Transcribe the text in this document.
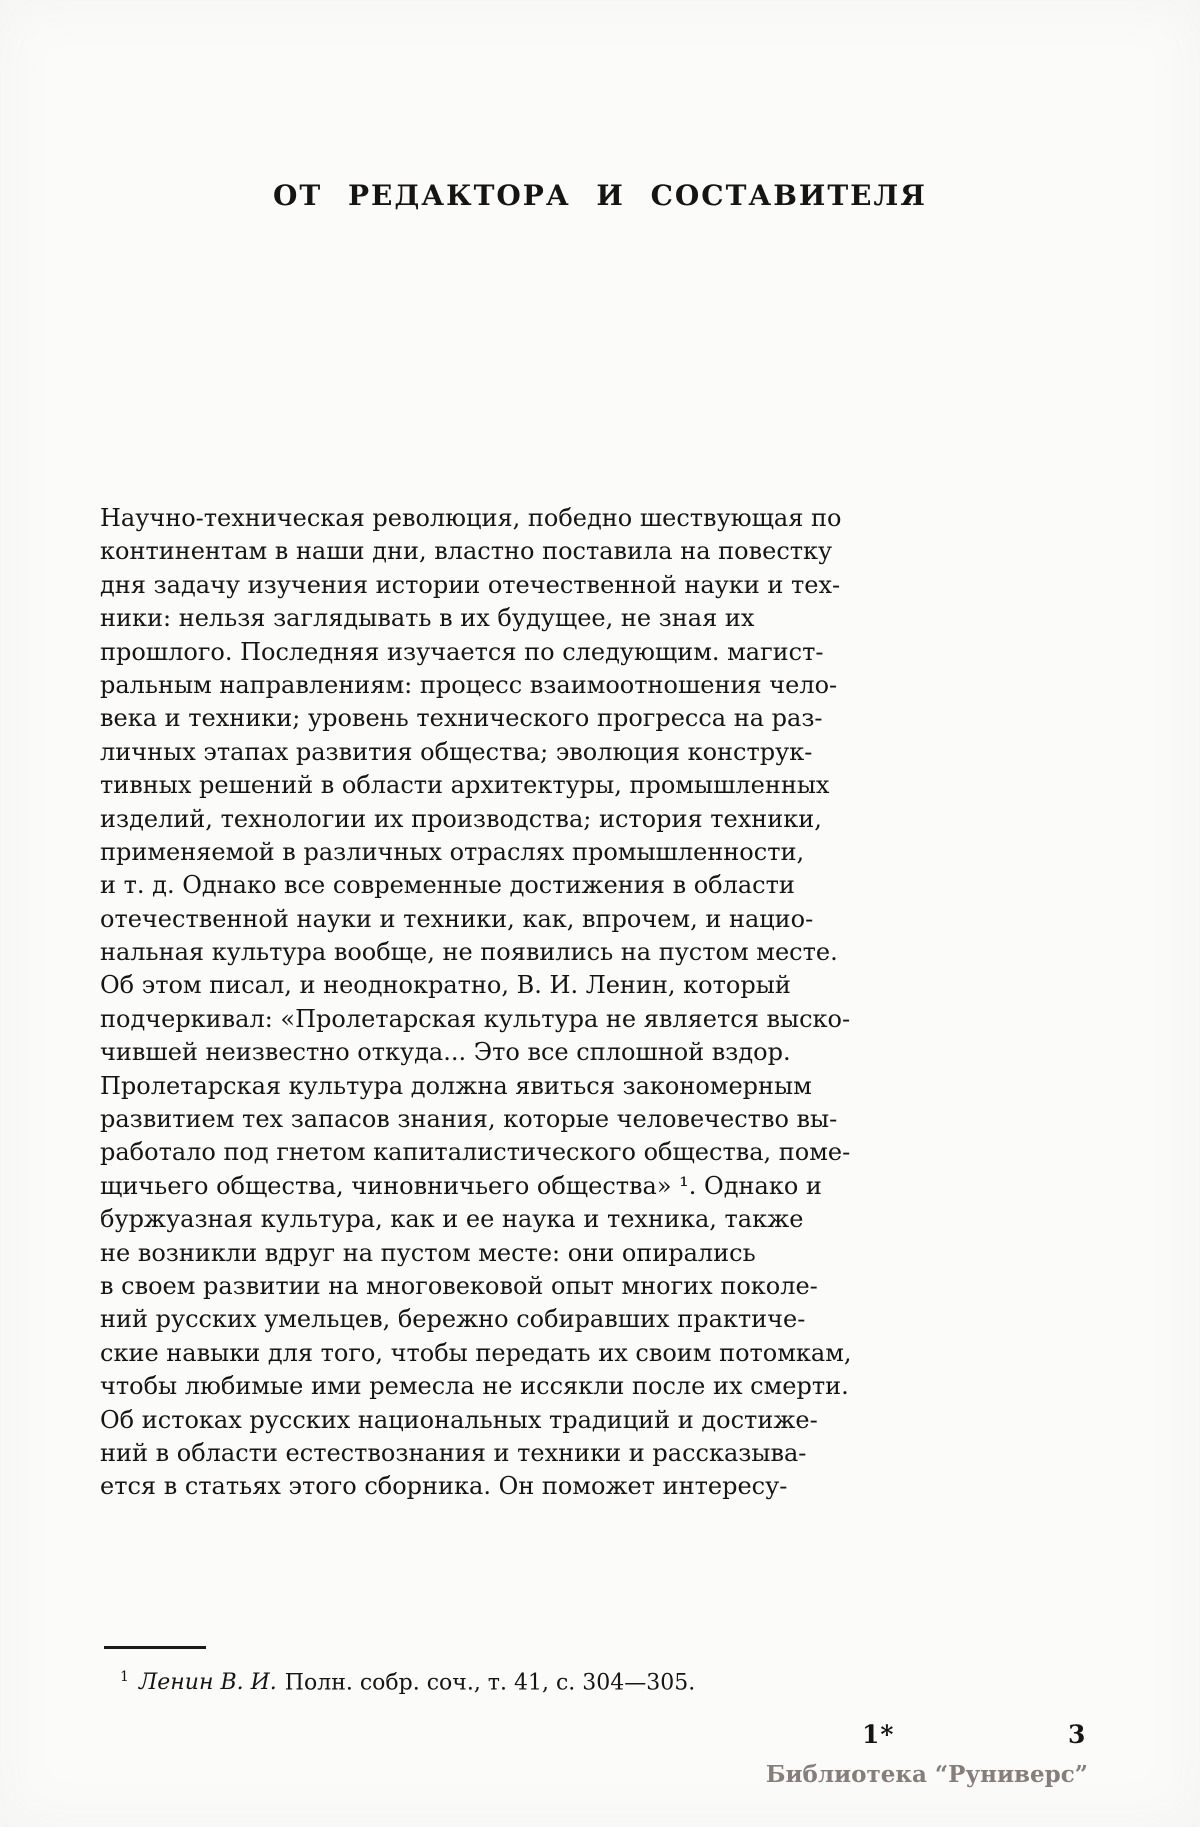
ОТ РЕДАКТОРА И СОСТАВИТЕЛЯ
Научно-техническая революция, победно шествующая по
континентам в наши дни, властно поставила на повестку
дня задачу изучения истории отечественной науки и тех-
ники: нельзя заглядывать в их будущее, не зная их
прошлого. Последняя изучается по следующим. магист-
ральным направлениям: процесс взаимоотношения чело-
века и техники; уровень технического прогресса на раз-
личных этапах развития общества; эволюция конструк-
тивных решений в области архитектуры, промышленных
изделий, технологии их производства; история техники,
применяемой в различных отраслях промышленности,
и т. д. Однако все современные достижения в области
отечественной науки и техники, как, впрочем, и нацио-
нальная культура вообще, не появились на пустом месте.
Об этом писал, и неоднократно, В. И. Ленин, который
подчеркивал: «Пролетарская культура не является выско-
чившей неизвестно откуда... Это все сплошной вздор.
Пролетарская культура должна явиться закономерным
развитием тех запасов знания, которые человечество вы-
работало под гнетом капиталистического общества, поме-
щичьего общества, чиновничьего общества» ¹. Однако и
буржуазная культура, как и ее наука и техника, также
не возникли вдруг на пустом месте: они опирались
в своем развитии на многовековой опыт многих поколе-
ний русских умельцев, бережно собиравших практиче-
ские навыки для того, чтобы передать их своим потомкам,
чтобы любимые ими ремесла не иссякли после их смерти.
Об истоках русских национальных традиций и достиже-
ний в области естествознания и техники и рассказыва-
ется в статьях этого сборника. Он поможет интересу-
$^1$ Ленин В. И. Полн. собр. соч., т. 41, с. 304—305.
1*	3
Библиотека “Руниверс”
